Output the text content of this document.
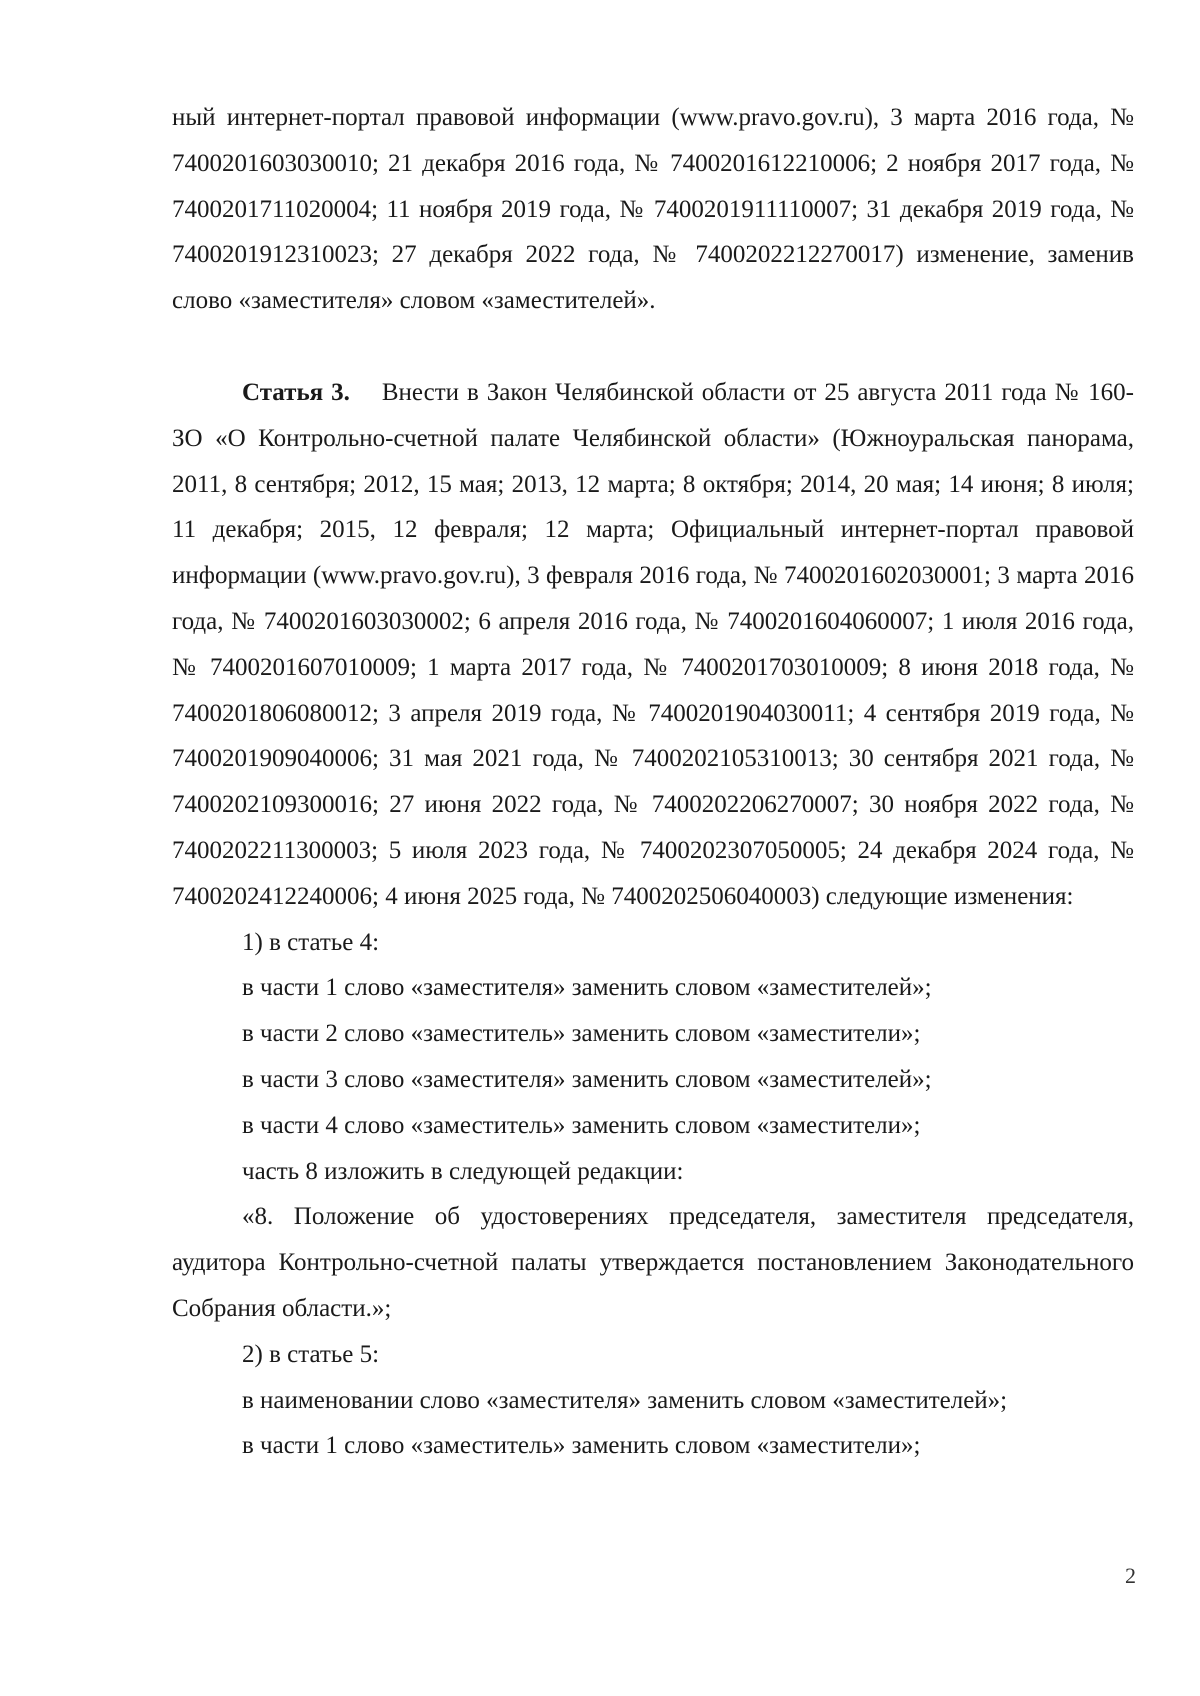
ный интернет-портал правовой информации (www.pravo.gov.ru), 3 марта 2016 года, № 7400201603030010; 21 декабря 2016 года, № 7400201612210006; 2 ноября 2017 года, № 7400201711020004; 11 ноября 2019 года, № 7400201911110007; 31 декабря 2019 года, № 7400201912310023; 27 декабря 2022 года, № 7400202212270017) изменение, заменив слово «заместителя» словом «заместителей».

Статья 3. Внести в Закон Челябинской области от 25 августа 2011 года № 160-ЗО «О Контрольно-счетной палате Челябинской области» (Южноуральская панорама, 2011, 8 сентября; 2012, 15 мая; 2013, 12 марта; 8 октября; 2014, 20 мая; 14 июня; 8 июля; 11 декабря; 2015, 12 февраля; 12 марта; Официальный интернет-портал правовой информации (www.pravo.gov.ru), 3 февраля 2016 года, № 7400201602030001; 3 марта 2016 года, № 7400201603030002; 6 апреля 2016 года, № 7400201604060007; 1 июля 2016 года, № 7400201607010009; 1 марта 2017 года, № 7400201703010009; 8 июня 2018 года, № 7400201806080012; 3 апреля 2019 года, № 7400201904030011; 4 сентября 2019 года, № 7400201909040006; 31 мая 2021 года, № 7400202105310013; 30 сентября 2021 года, № 7400202109300016; 27 июня 2022 года, № 7400202206270007; 30 ноября 2022 года, № 7400202211300003; 5 июля 2023 года, № 7400202307050005; 24 декабря 2024 года, № 7400202412240006; 4 июня 2025 года, № 7400202506040003) следующие изменения:

1) в статье 4:

в части 1 слово «заместителя» заменить словом «заместителей»;

в части 2 слово «заместитель» заменить словом «заместители»;

в части 3 слово «заместителя» заменить словом «заместителей»;

в части 4 слово «заместитель» заменить словом «заместители»;

часть 8 изложить в следующей редакции:

«8. Положение об удостоверениях председателя, заместителя председателя, аудитора Контрольно-счетной палаты утверждается постановлением Законодательного Собрания области.»;

2) в статье 5:

в наименовании слово «заместителя» заменить словом «заместителей»;

в части 1 слово «заместитель» заменить словом «заместители»;

2
